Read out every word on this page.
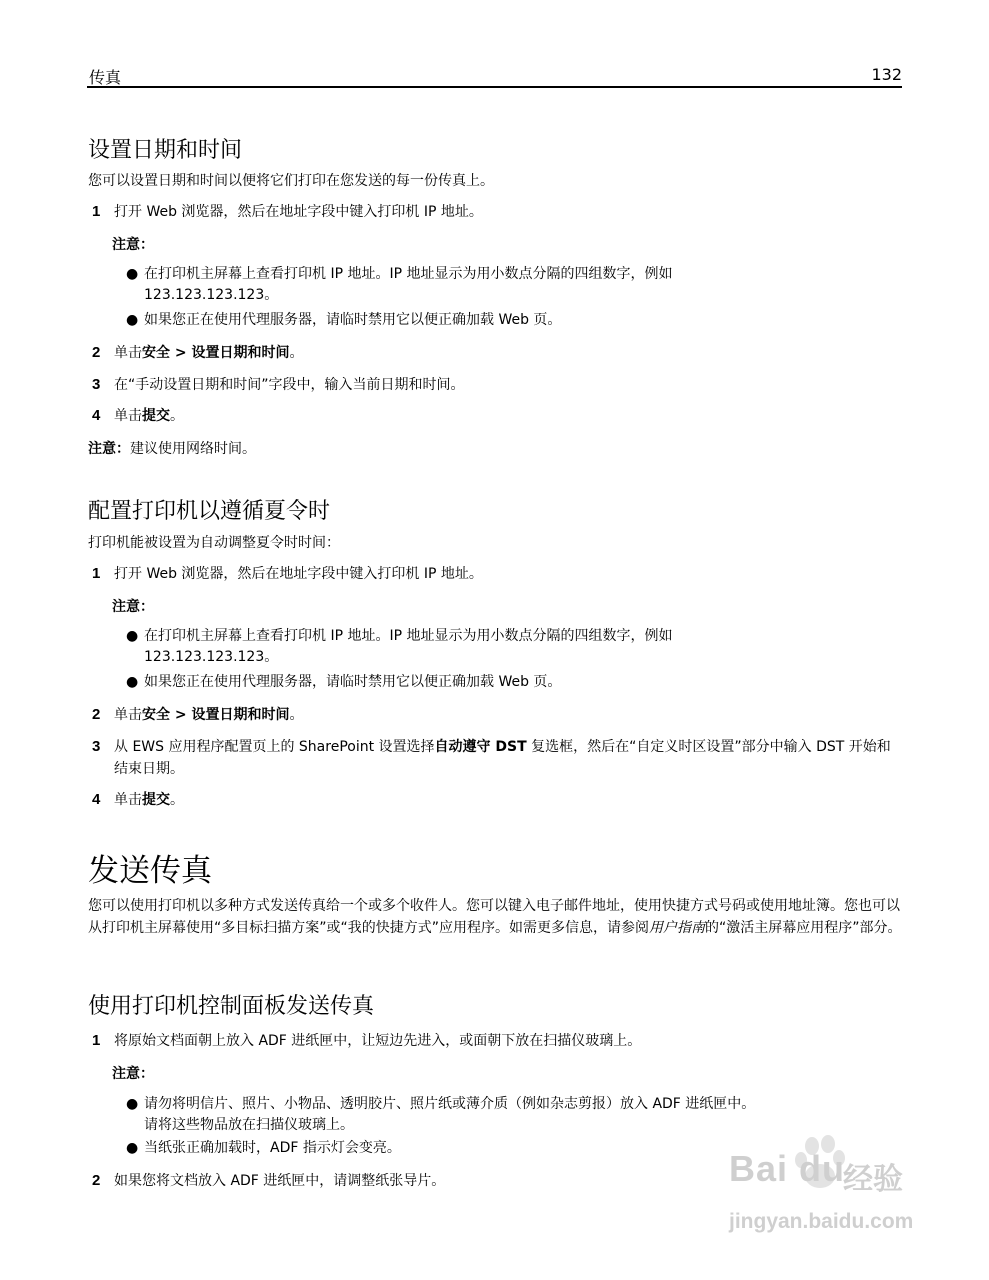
传真	132
设置日期和时间

您可以设置日期和时间以便将它们打印在您发送的每一份传真上。

1 打开 Web 浏览器，然后在地址字段中键入打印机 IP 地址。
注意：
● 在打印机主屏幕上查看打印机 IP 地址。IP 地址显示为用小数点分隔的四组数字，例如
123.123.123.123。
● 如果您正在使用代理服务器，请临时禁用它以便正确加载 Web 页。
2 单击安全 > 设置日期和时间。
3 在“手动设置日期和时间”字段中，输入当前日期和时间。
4 单击提交。

注意：建议使用网络时间。

配置打印机以遵循夏令时

打印机能被设置为自动调整夏令时时间：

1 打开 Web 浏览器，然后在地址字段中键入打印机 IP 地址。
注意：
● 在打印机主屏幕上查看打印机 IP 地址。IP 地址显示为用小数点分隔的四组数字，例如
123.123.123.123。
● 如果您正在使用代理服务器，请临时禁用它以便正确加载 Web 页。
2 单击安全 > 设置日期和时间。
3 从 EWS 应用程序配置页上的 SharePoint 设置选择自动遵守 DST 复选框，然后在“自定义时区设置”部分中输入 DST 开始和结束日期。
4 单击提交。
发送传真

您可以使用打印机以多种方式发送传真给一个或多个收件人。您可以键入电子邮件地址，使用快捷方式号码或使用地址簿。您也可以从打印机主屏幕使用“多目标扫描方案”或“我的快捷方式”应用程序。如需更多信息，请参阅用户指南的“激活主屏幕应用程序”部分。

使用打印机控制面板发送传真
1 将原始文档面朝上放入 ADF 进纸匣中，让短边先进入，或面朝下放在扫描仪玻璃上。
注意：
● 请勿将明信片、照片、小物品、透明胶片、照片纸或薄介质（例如杂志剪报）放入 ADF 进纸匣中。
请将这些物品放在扫描仪玻璃上。
● 当纸张正确加载时，ADF 指示灯会变亮。
2 如果您将文档放入 ADF 进纸匣中，请调整纸张导片。	Bai du
经验
jingyan.baidu.com
